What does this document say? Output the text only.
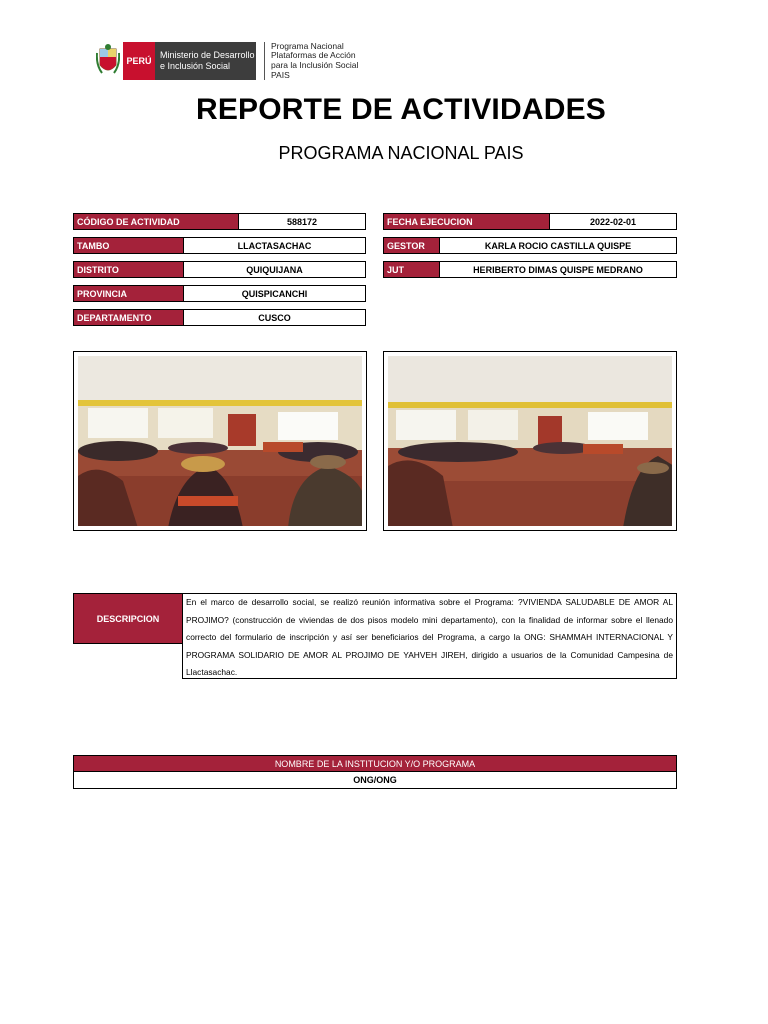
PERÚ
Ministerio de Desarrollo
e Inclusión Social
Programa Nacional
Plataformas de Acción
para la Inclusión Social
PAIS
REPORTE DE ACTIVIDADES
PROGRAMA NACIONAL PAIS
CÓDIGO DE ACTIVIDAD	588172
TAMBO	LLACTASACHAC
DISTRITO	QUIQUIJANA
PROVINCIA	QUISPICANCHI
DEPARTAMENTO	CUSCO
FECHA EJECUCION	2022-02-01
GESTOR	KARLA ROCIO CASTILLA QUISPE
JUT	HERIBERTO DIMAS QUISPE MEDRANO
DESCRIPCION
En el marco de desarrollo social, se realizó reunión informativa sobre el Programa: ?VIVIENDA SALUDABLE DE AMOR AL PROJIMO? (construcción de viviendas de dos pisos modelo mini departamento), con la finalidad de informar sobre el llenado correcto del formulario de inscripción y así ser beneficiarios del Programa, a cargo la ONG: SHAMMAH INTERNACIONAL Y PROGRAMA SOLIDARIO DE AMOR AL PROJIMO DE YAHVEH JIREH, dirigido a usuarios de la Comunidad Campesina de Llactasachac.
NOMBRE DE LA INSTITUCION Y/O PROGRAMA
ONG/ONG
